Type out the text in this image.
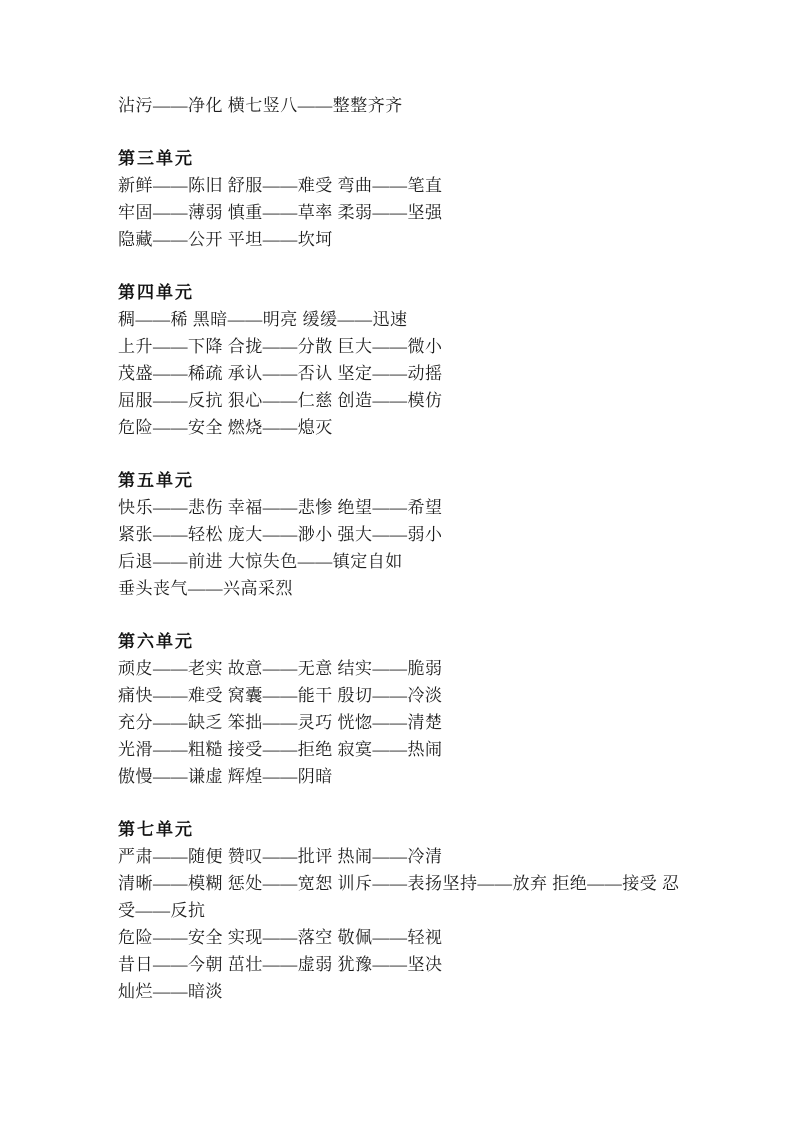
沾污——净化 横七竖八——整整齐齐
第三单元
新鲜——陈旧 舒服——难受 弯曲——笔直
牢固——薄弱 慎重——草率 柔弱——坚强
隐藏——公开 平坦——坎坷
第四单元
稠——稀 黑暗——明亮 缓缓——迅速
上升——下降 合拢——分散 巨大——微小
茂盛——稀疏 承认——否认 坚定——动摇
屈服——反抗 狠心——仁慈 创造——模仿
危险——安全 燃烧——熄灭
第五单元
快乐——悲伤 幸福——悲惨 绝望——希望
紧张——轻松 庞大——渺小 强大——弱小
后退——前进 大惊失色——镇定自如
垂头丧气——兴高采烈
第六单元
顽皮——老实 故意——无意 结实——脆弱
痛快——难受 窝囊——能干 殷切——冷淡
充分——缺乏 笨拙——灵巧 恍惚——清楚
光滑——粗糙 接受——拒绝 寂寞——热闹
傲慢——谦虚 辉煌——阴暗
第七单元
严肃——随便 赞叹——批评 热闹——冷清
清晰——模糊 惩处——宽恕 训斥——表扬坚持——放弃 拒绝——接受 忍
受——反抗
危险——安全 实现——落空 敬佩——轻视
昔日——今朝 茁壮——虚弱 犹豫——坚决
灿烂——暗淡
